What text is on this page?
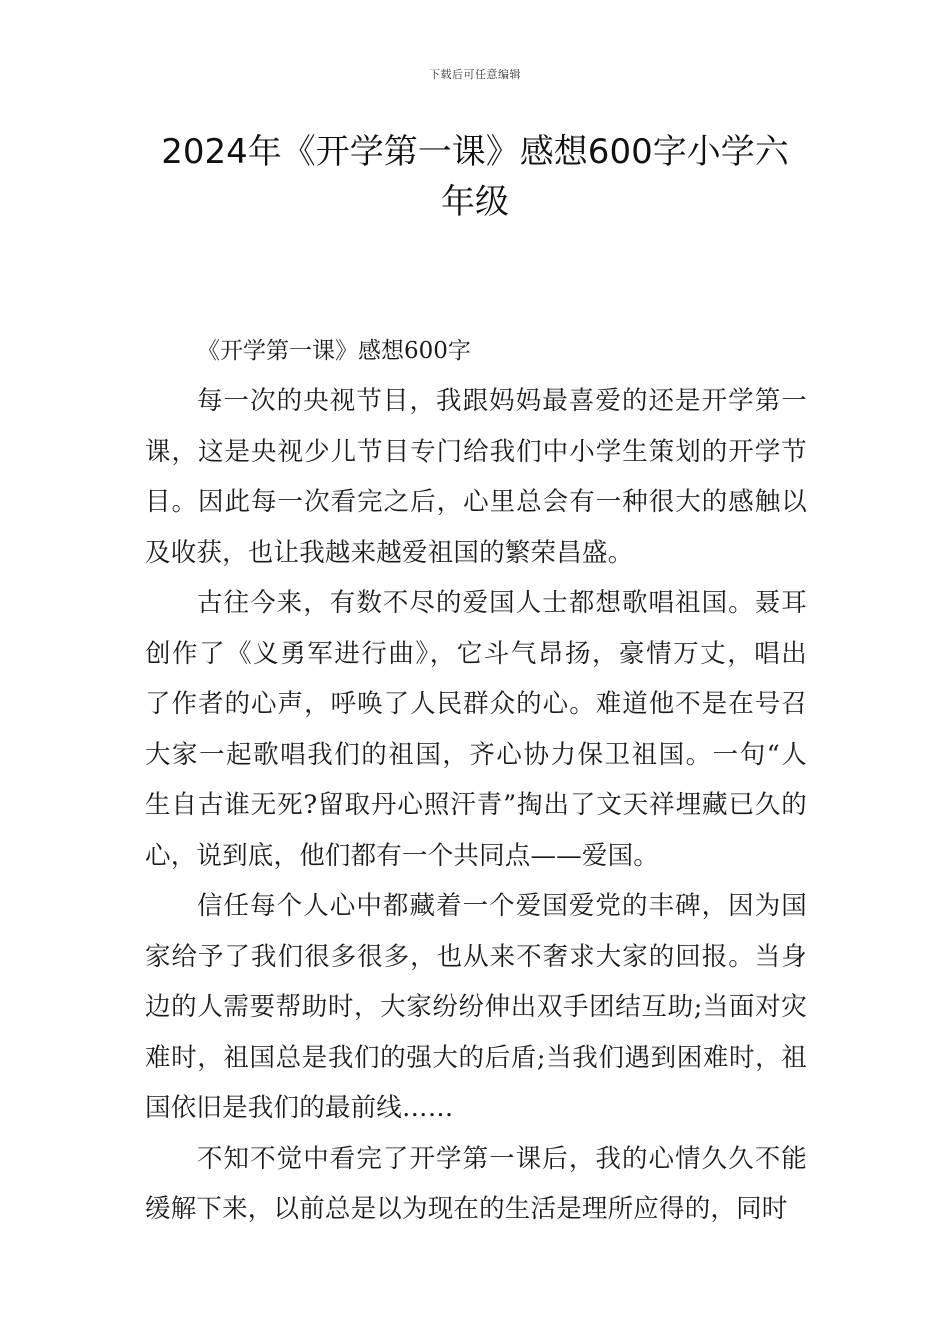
下载后可任意编辑
2024年《开学第一课》感想600字小学六
年级

《开学第一课》感想600字

每一次的央视节目，我跟妈妈最喜爱的还是开学第一
课，这是央视少儿节目专门给我们中小学生策划的开学节
目。因此每一次看完之后，心里总会有一种很大的感触以
及收获，也让我越来越爱祖国的繁荣昌盛。
古往今来，有数不尽的爱国人士都想歌唱祖国。聂耳
创作了《义勇军进行曲》，它斗气昂扬，豪情万丈，唱出
了作者的心声，呼唤了人民群众的心。难道他不是在号召
大家一起歌唱我们的祖国，齐心协力保卫祖国。一句“人
生自古谁无死?留取丹心照汗青”掏出了文天祥埋藏已久的
心，说到底，他们都有一个共同点——爱国。
信任每个人心中都藏着一个爱国爱党的丰碑，因为国
家给予了我们很多很多，也从来不奢求大家的回报。当身
边的人需要帮助时，大家纷纷伸出双手团结互助;当面对灾
难时，祖国总是我们的强大的后盾;当我们遇到困难时，祖
国依旧是我们的最前线……
不知不觉中看完了开学第一课后，我的心情久久不能
缓解下来，以前总是以为现在的生活是理所应得的，同时
